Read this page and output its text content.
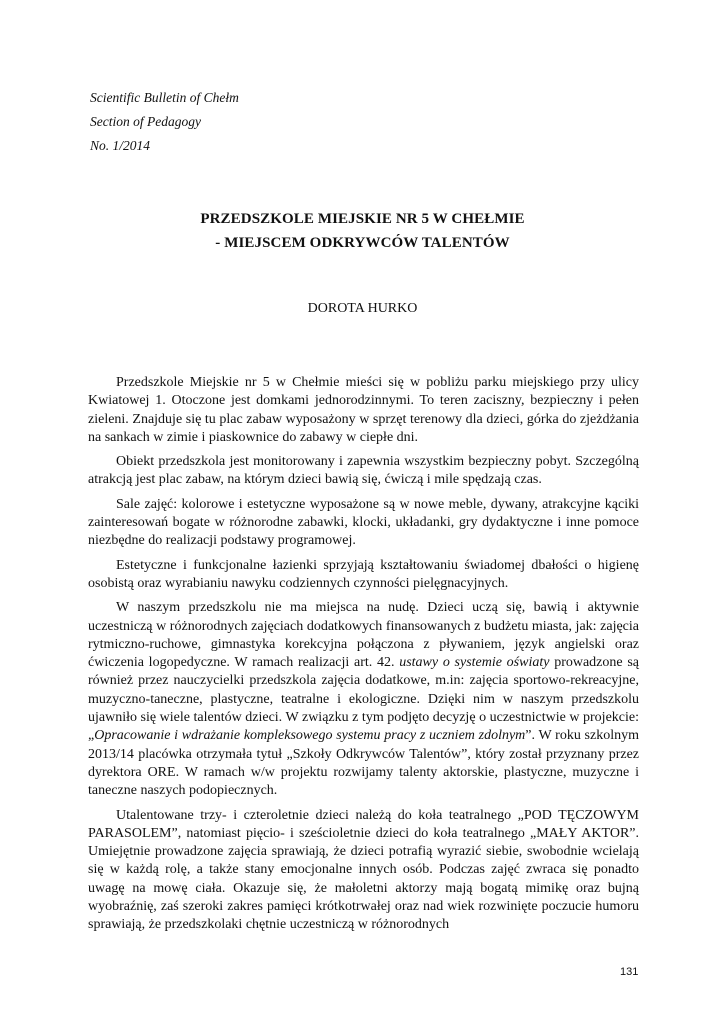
Scientific Bulletin of Chełm
Section of Pedagogy
No. 1/2014
PRZEDSZKOLE MIEJSKIE NR 5 W CHEŁMIE
- MIEJSCEM ODKRYWCÓW TALENTÓW
DOROTA HURKO

Przedszkole Miejskie nr 5 w Chełmie mieści się w pobliżu parku miejskiego przy ulicy Kwiatowej 1. Otoczone jest domkami jednorodzinnymi. To teren zaciszny, bezpieczny i pełen zieleni. Znajduje się tu plac zabaw wyposażony w sprzęt terenowy dla dzieci, górka do zjeżdżania na sankach w zimie i piaskownice do zabawy w ciepłe dni.

Obiekt przedszkola jest monitorowany i zapewnia wszystkim bezpieczny pobyt. Szczególną atrakcją jest plac zabaw, na którym dzieci bawią się, ćwiczą i mile spędzają czas.

Sale zajęć: kolorowe i estetyczne wyposażone są w nowe meble, dywany, atrakcyjne kąciki zainteresowań bogate w różnorodne zabawki, klocki, układanki, gry dydaktyczne i inne pomoce niezbędne do realizacji podstawy programowej.

Estetyczne i funkcjonalne łazienki sprzyjają kształtowaniu świadomej dbałości o higienę osobistą oraz wyrabianiu nawyku codziennych czynności pielęgnacyjnych.

W naszym przedszkolu nie ma miejsca na nudę. Dzieci uczą się, bawią i aktywnie uczestniczą w różnorodnych zajęciach dodatkowych finansowanych z budżetu miasta, jak: zajęcia rytmiczno-ruchowe, gimnastyka korekcyjna połączona z pływaniem, język angielski oraz ćwiczenia logopedyczne. W ramach realizacji art. 42. ustawy o systemie oświaty prowadzone są również przez nauczycielki przedszkola zajęcia dodatkowe, m.in: zajęcia sportowo-rekreacyjne, muzyczno-taneczne, plastyczne, teatralne i ekologiczne. Dzięki nim w naszym przedszkolu ujawniło się wiele talentów dzieci. W związku z tym podjęto decyzję o uczestnictwie w projekcie: „Opracowanie i wdrażanie kompleksowego systemu pracy z uczniem zdolnym”. W roku szkolnym 2013/14 placówka otrzymała tytuł „Szkoły Odkrywców Talentów”, który został przyznany przez dyrektora ORE. W ramach w/w projektu rozwijamy talenty aktorskie, plastyczne, muzyczne i taneczne naszych podopiecznych.

Utalentowane trzy- i czteroletnie dzieci należą do koła teatralnego „POD TĘCZOWYM PARASOLEM”, natomiast pięcio- i sześcioletnie dzieci do koła teatralnego „MAŁY AKTOR”. Umiejętnie prowadzone zajęcia sprawiają, że dzieci potrafią wyrazić siebie, swobodnie wcielają się w każdą rolę, a także stany emocjonalne innych osób. Podczas zajęć zwraca się ponadto uwagę na mowę ciała. Okazuje się, że małoletni aktorzy mają bogatą mimikę oraz bujną wyobraźnię, zaś szeroki zakres pamięci krótkotrwałej oraz nad wiek rozwinięte poczucie humoru sprawiają, że przedszkolaki chętnie uczestniczą w różnorodnych

131
